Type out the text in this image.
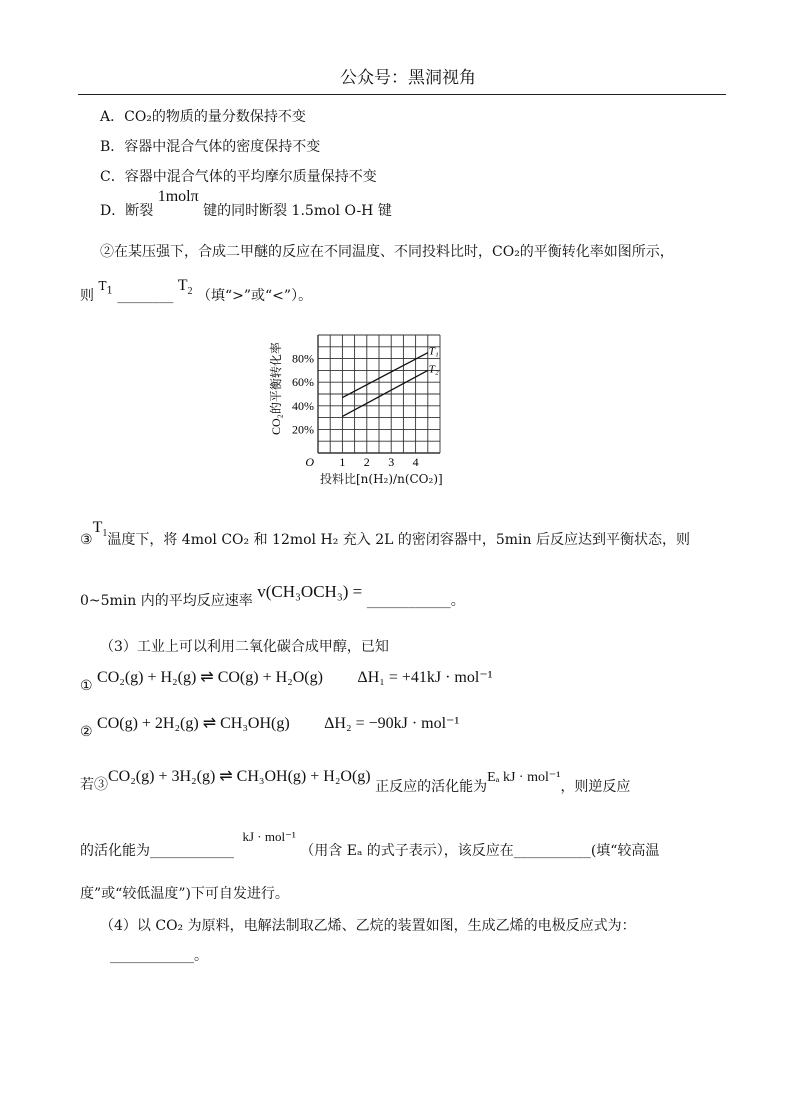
公众号：黑洞视角
A．CO₂的物质的量分数保持不变
B．容器中混合气体的密度保持不变
C．容器中混合气体的平均摩尔质量保持不变
D．断裂 1molπ 键的同时断裂 1.5mol O-H 键
②在某压强下，合成二甲醚的反应在不同温度、不同投料比时，CO₂的平衡转化率如图所示，
则 $T_1$ ________ $T_2$ （填“>”或“<”）。
20%
40%
60%
80%
1 2 3 4
O
T₁
T₂
CO₂的平衡转化率
投料比[n(H₂)/n(CO₂)]
$③T_1$温度下，将 4mol CO₂ 和 12mol H₂ 充入 2L 的密闭容器中，5min 后反应达到平衡状态，则
0~5min 内的平均反应速率 v(CH₃OCH₃) = ____________。
（3）工业上可以利用二氧化碳合成甲醇，已知
① CO₂(g) + H₂(g) ⇌ CO(g) + H₂O(g) ΔH₁ = +41kJ · mol⁻¹
② CO(g) + 2H₂(g) ⇌ CH₃OH(g) ΔH₂ = −90kJ · mol⁻¹
若③CO₂(g) + 3H₂(g) ⇌ CH₃OH(g) + H₂O(g) 正反应的活化能为Eₐ kJ · mol⁻¹，则逆反应
的活化能为____________ kJ · mol⁻¹ （用含 Eₐ 的式子表示），该反应在___________(填“较高温
度”或“较低温度”)下可自发进行。
（4）以 CO₂ 为原料，电解法制取乙烯、乙烷的装置如图，生成乙烯的电极反应式为：
____________。
